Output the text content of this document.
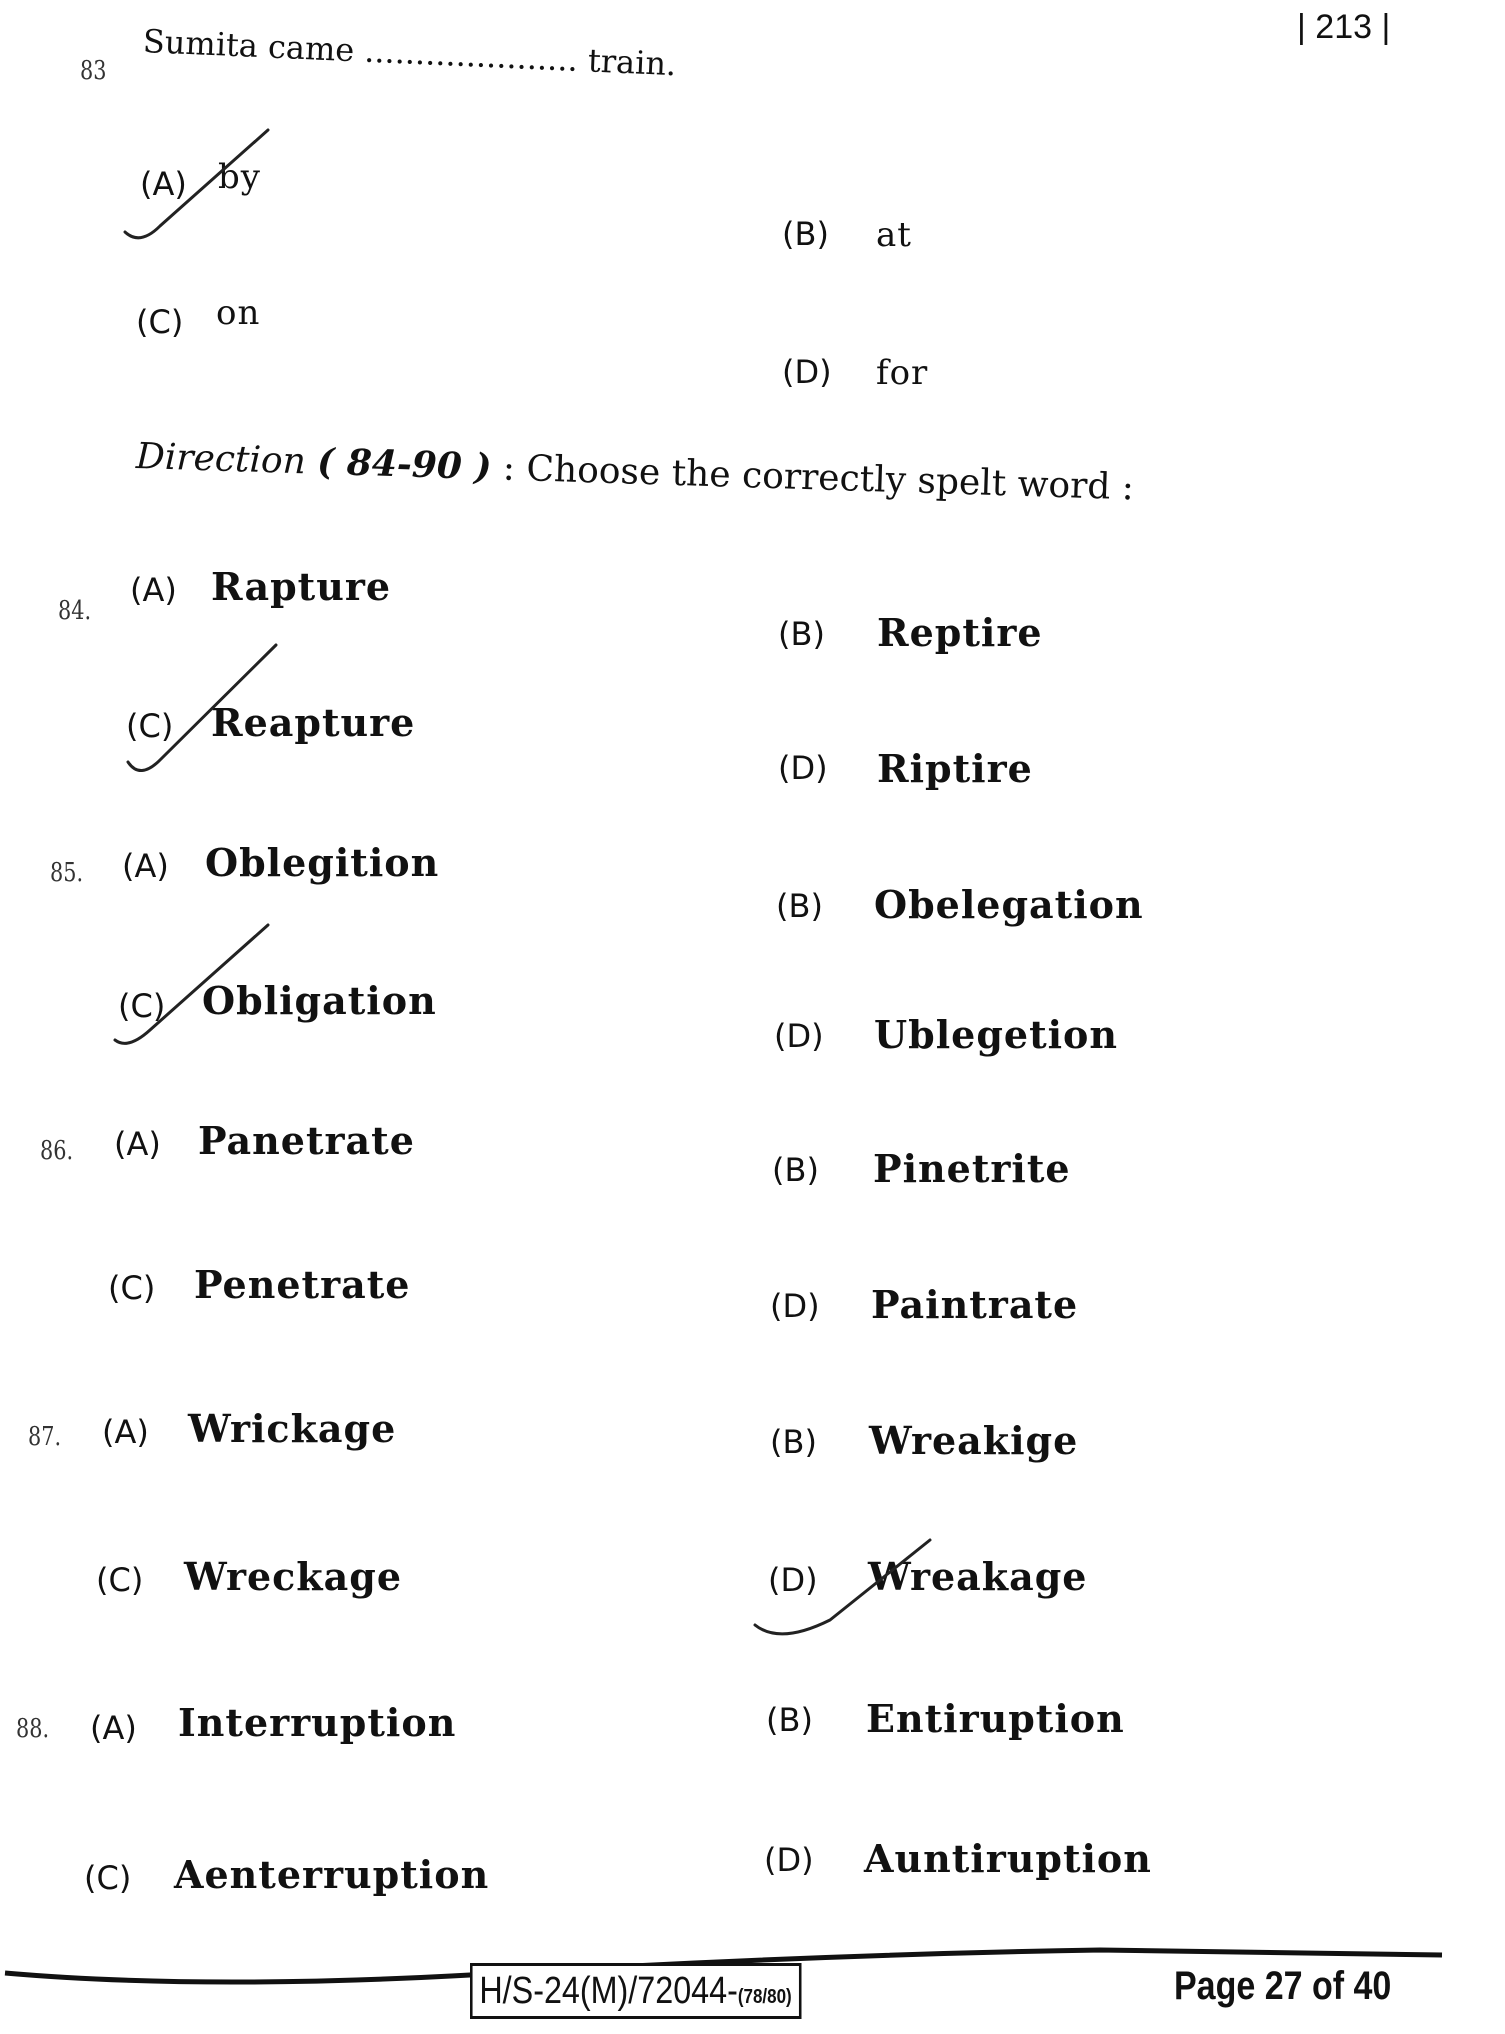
| 213 |
83 Sumita came ..................... train.
Direction ( 84-90 ) : Choose the correctly spelt word :
(A) by
(B) at
(C) on
(D) for
84.
(A) Rapture
(B) Reptire
(C) Reapture
(D) Riptire
85. (A) Oblegition
(B) Obelegation
(C) Obligation
(D) Ublegetion
86. (A) Panetrate
(B) Pinetrite
(C) Penetrate	(D) Paintrate
87. (A) Wrickage	(B) Wreakige
(C) Wreckage	(D) Wreakage
88. (A) Interruption	(B) Entiruption
(C) Aenterruption	(D) Auntiruption
H/S-24(M)/72044-(78/80)	Page 27 of 40
